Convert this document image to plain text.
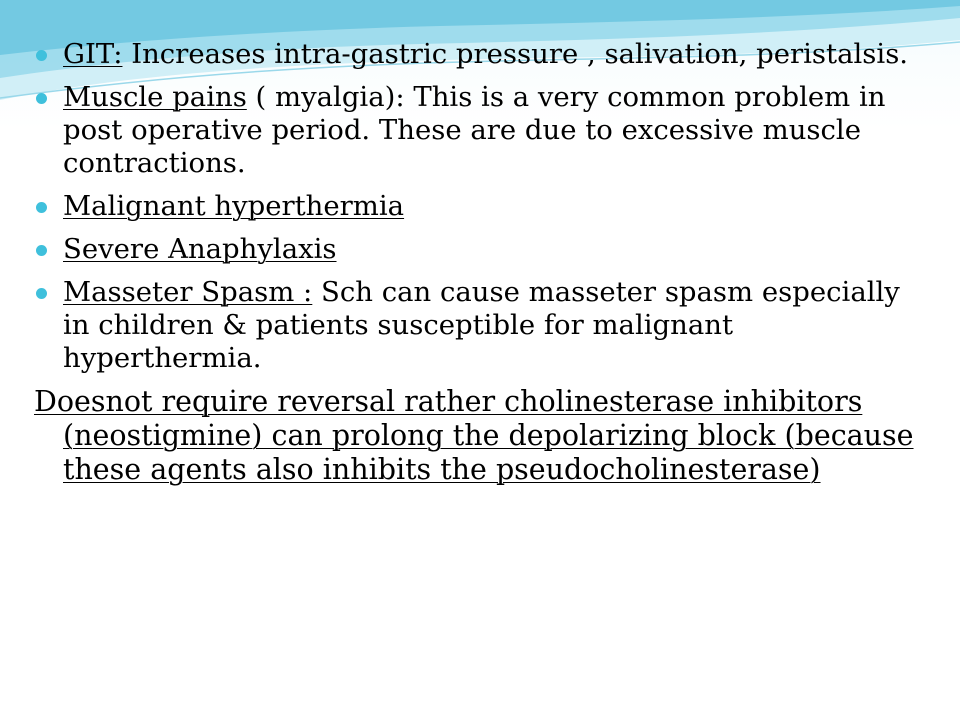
GIT: Increases intra-gastric pressure , salivation, peristalsis.
Muscle pains ( myalgia): This is a very common problem in post operative period. These are due to excessive muscle contractions.
Malignant hyperthermia
Severe Anaphylaxis
Masseter Spasm : Sch can cause masseter spasm especially in children & patients susceptible for malignant hyperthermia.
Doesnot require reversal rather cholinesterase inhibitors (neostigmine) can prolong the depolarizing block (because these agents also inhibits the pseudocholinesterase)
